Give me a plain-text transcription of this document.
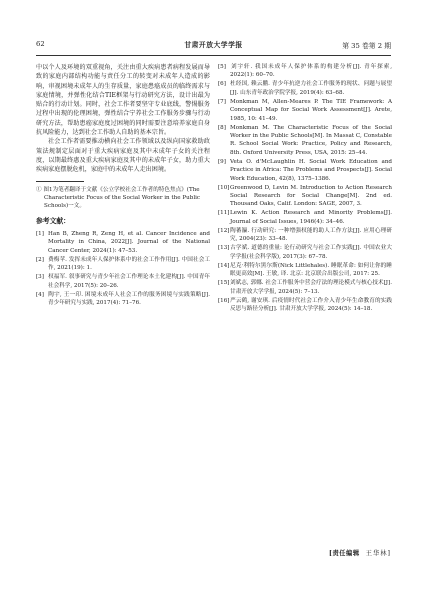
62	甘肃开放大学学报	第 35 卷第 2 期

中以个人及环境的双重视角，关注由重大疾病患者病程发展而导致的家庭内部结构功能与责任分工的转变对未成年人造成的影响，审视困境未成年人的生存质量，家庭患癌成员的临终需求与家庭情境，并弹性化结合TIE框架与行动研究方法，设计出最为贴合的行动计划。同时，社会工作者要坚守专业底线，警惕服务过程中出现的伦理困境，弹性结合宁养社会工作服务步骤与行动研究方法，帮助患癌家庭度过困境的同时需要注意培养家庭自身抗风险能力，达到社会工作助人自助的基本宗旨。

社会工作者需要推动横向社会工作领域以及纵向国家救助政策法规制定层面对于重大疾病家庭及其中未成年子女的关注程度，以期最终惠及重大疾病家庭及其中的未成年子女，助力重大疾病家庭摆脱危机，家庭中的未成年人走出困境。

① 图1为笔者翻译于文献《公立学校社会工作者的特色焦点》(The Characteristic Focus of the Social Worker in the Public Schools)一文。

参考文献：
[1] Han B, Zheng R, Zeng H, et al. Cancer Incidence and Mortality in China, 2022[J]. Journal of the National Cancer Center, 2024(1): 47–53.
[2] 费梅苹. 发挥未成年人保护体系中的社会工作作用[J]. 中国社会工作, 2021(19): 1.
[3] 权福军. 叙事研究与青少年社会工作理论本土化建构[J]. 中国青年社会科学, 2017(5): 20–26.
[4] 陶宇, 王一印. 困境未成年人社会工作的服务困境与实践策略[J]. 青少年研究与实践, 2017(4): 71–76.
[5] 刘宇轩. 我国未成年人保护体系的构建分析[J]. 青年探索, 2022(1): 60–70.
[6] 杜经国, 赖云鹏. 青少年抗逆力社会工作服务的现状、问题与展望[J]. 山东青年政治学院学报, 2019(4): 63–68.
[7] Monkman M, Allen-Meares P. The TIE Framework: A Conceptual Map for Social Work Assessment[J]. Arete, 1985, 10: 41–49.
[8] Monkman M. The Characteristic Focus of the Social Worker in the Public Schools[M]. In Massat C, Constable R. School Social Work: Practice, Policy and Research, 8th. Oxford University Press, USA, 2015: 25–44.
[9] Veta O. d'McLaughlin H. Social Work Education and Practice in Africa: The Problems and Prospects[J]. Social Work Education, 42(8), 1375–1386.
[10]Greenwood D, Levin M. Introduction to Action Research Social Research for Social Change[M]. 2nd ed. Thousand Oaks, Calif. London: SAGE, 2007, 3.
[11]Lewin K. Action Research and Minority Problems[J]. Journal of Social Issues, 1946(4): 34–46.
[12]陶蕃瀛. 行动研究: 一种增强权能的助人工作方法[J]. 应用心理研究, 2004(23): 33–48.
[13]古学斌. 道德的重量: 论行动研究与社会工作实践[J]. 中国农业大学学报(社会科学版), 2017(3): 67–78.
[14]尼克·利特尔黑尔斯(Nick Littlehales). 睡眠革命: 如何让你的睡眠更高效[M]. 王敏, 译. 北京: 北京联合出版公司, 2017: 25.
[15]刘斌志, 郭娜. 社会工作服务中营会疗法的理论模式与核心技术[J]. 甘肃开放大学学报, 2024(5): 7–13.
[16]严云鹤, 谢安琪. 后疫情时代社会工作介入青少年生命教育的实践反思与路径分析[J]. 甘肃开放大学学报, 2024(5): 14–18.
[责任编辑 王华林]
